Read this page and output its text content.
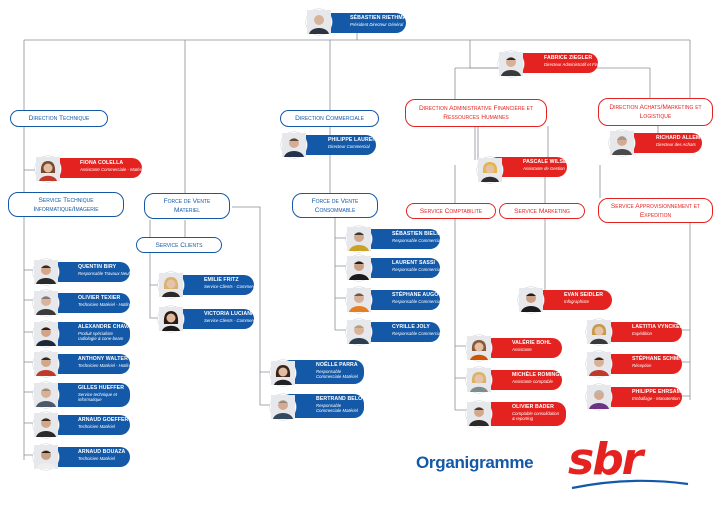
SÉBASTIEN RIETHMANN
Président Directeur Général
FABRICE ZIEGLER
Directeur Administratif et Financier
Direction Technique	Direction Commerciale
Direction Administrative Financière et Ressources Humaines
Direction Achats/Marketing et Logistique
FIONA COLELLA
Assistante Commerciale - Matériel
PHILIPPE LAURENT
Directeur Commercial
RICHARD ALLEMANN
Directeur des Achats
PASCALE WILSER
Assistante de Gestion
Service Technique Informatique/Imagerie
Force de Vente Materiel
Service Clients
Force de Vente Consommable	Service Comptabilite	Service Marketing
Service Approvisionnement et Expedition
QUENTIN BIRY
Responsable Travaux Neufs
OLIVIER TEXIER
Technicien Matériel - Hotline
ALEXANDRE CHAVANNE
Produit spécialiste radiologie & cone-beam
ANTHONY WALTER
Technicien Matériel - Hotline
GILLES HUEFFER
Service technique et informatique
ARNAUD GOEFFERT
Technicien Matériel
ARNAUD BOUAZA
Technicien Matériel
EMILIE FRITZ
Service Clients - Commercial
VICTORIA LUCIANI
Service Clients - Commercial
NOËLLE PARRA
Responsable Commerciale Matériel
BERTRAND BELOT
Responsable Commerciale Matériel
SÉBASTIEN BIELMANN
Responsable Commercial
LAURENT SASSI
Responsable Commercial
STÉPHANE AUGOYARD
Responsable Commercial
CYRILLE JOLY
Responsable Commercial
EVAN SEIDLER
Infographiste
VALÉRIE BOHL
Assistante
MICHÈLE ROMINGER
Assistante comptable
OLIVIER BADER
Comptable consolidation & reporting
LAETITIA VYNCKER
Expédition
STÉPHANE SCHMITT
Réception
PHILIPPE EHRSAM
Emballage - Manutention
Organigramme sbr
